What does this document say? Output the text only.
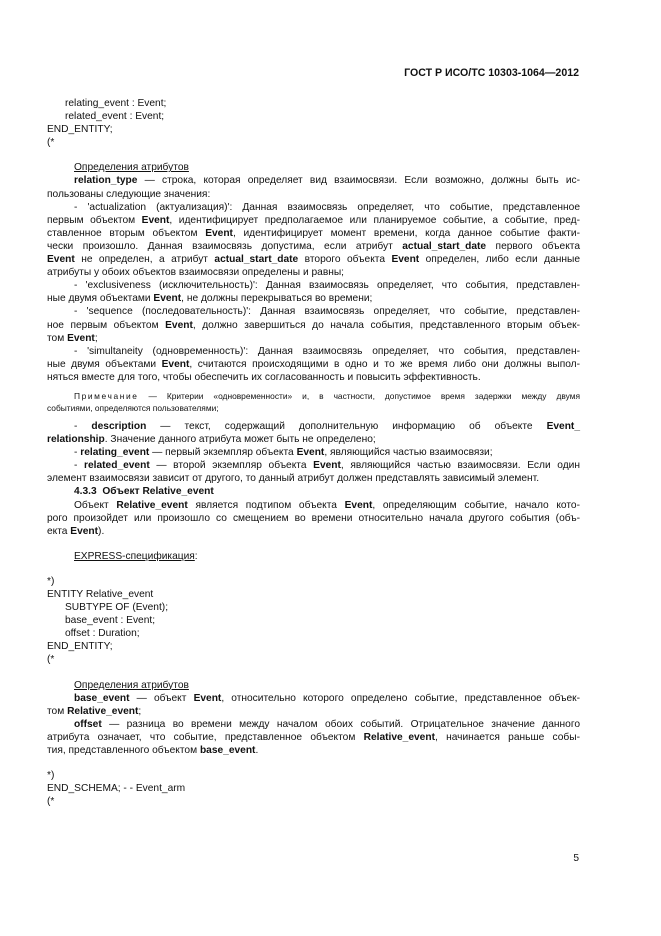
ГОСТ Р ИСО/ТС 10303-1064—2012
relating_event : Event;
related_event : Event;
END_ENTITY;
(*
Определения атрибутов
relation_type — строка, которая определяет вид взаимосвязи. Если возможно, должны быть ис-
пользованы следующие значения:
- 'actualization (актуализация)': Данная взаимосвязь определяет, что событие, представленное
первым объектом Event, идентифицирует предполагаемое или планируемое событие, а событие, пред-
ставленное вторым объектом Event, идентифицирует момент времени, когда данное событие факти-
чески произошло. Данная взаимосвязь допустима, если атрибут actual_start_date первого объекта
Event не определен, а атрибут actual_start_date второго объекта Event определен, либо если данные
атрибуты у обоих объектов взаимосвязи определены и равны;
- 'exclusiveness (исключительность)': Данная взаимосвязь определяет, что события, представлен-
ные двумя объектами Event, не должны перекрываться во времени;
- 'sequence (последовательность)': Данная взаимосвязь определяет, что событие, представлен-
ное первым объектом Event, должно завершиться до начала события, представленного вторым объек-
том Event;
- 'simultaneity (одновременность)': Данная взаимосвязь определяет, что события, представлен-
ные двумя объектами Event, считаются происходящими в одно и то же время либо они должны выпол-
няться вместе для того, чтобы обеспечить их согласованность и повысить эффективность.
Примечание — Критерии «одновременности» и, в частности, допустимое время задержки между двумя
событиями, определяются пользователями;
- description — текст, содержащий дополнительную информацию об объекте Event_
relationship. Значение данного атрибута может быть не определено;
- relating_event — первый экземпляр объекта Event, являющийся частью взаимосвязи;
- related_event — второй экземпляр объекта Event, являющийся частью взаимосвязи. Если один
элемент взаимосвязи зависит от другого, то данный атрибут должен представлять зависимый элемент.
4.3.3 Объект Relative_event
Объект Relative_event является подтипом объекта Event, определяющим событие, начало кото-
рого произойдет или произошло со смещением во времени относительно начала другого события (объ-
екта Event).
EXPRESS-спецификация:
*)
ENTITY Relative_event
SUBTYPE OF (Event);
base_event : Event;
offset : Duration;
END_ENTITY;
(*
Определения атрибутов
base_event — объект Event, относительно которого определено событие, представленное объек-
том Relative_event;
offset — разница во времени между началом обоих событий. Отрицательное значение данного
атрибута означает, что событие, представленное объектом Relative_event, начинается раньше собы-
тия, представленного объектом base_event.
*)
END_SCHEMA; - - Event_arm
(*
5
